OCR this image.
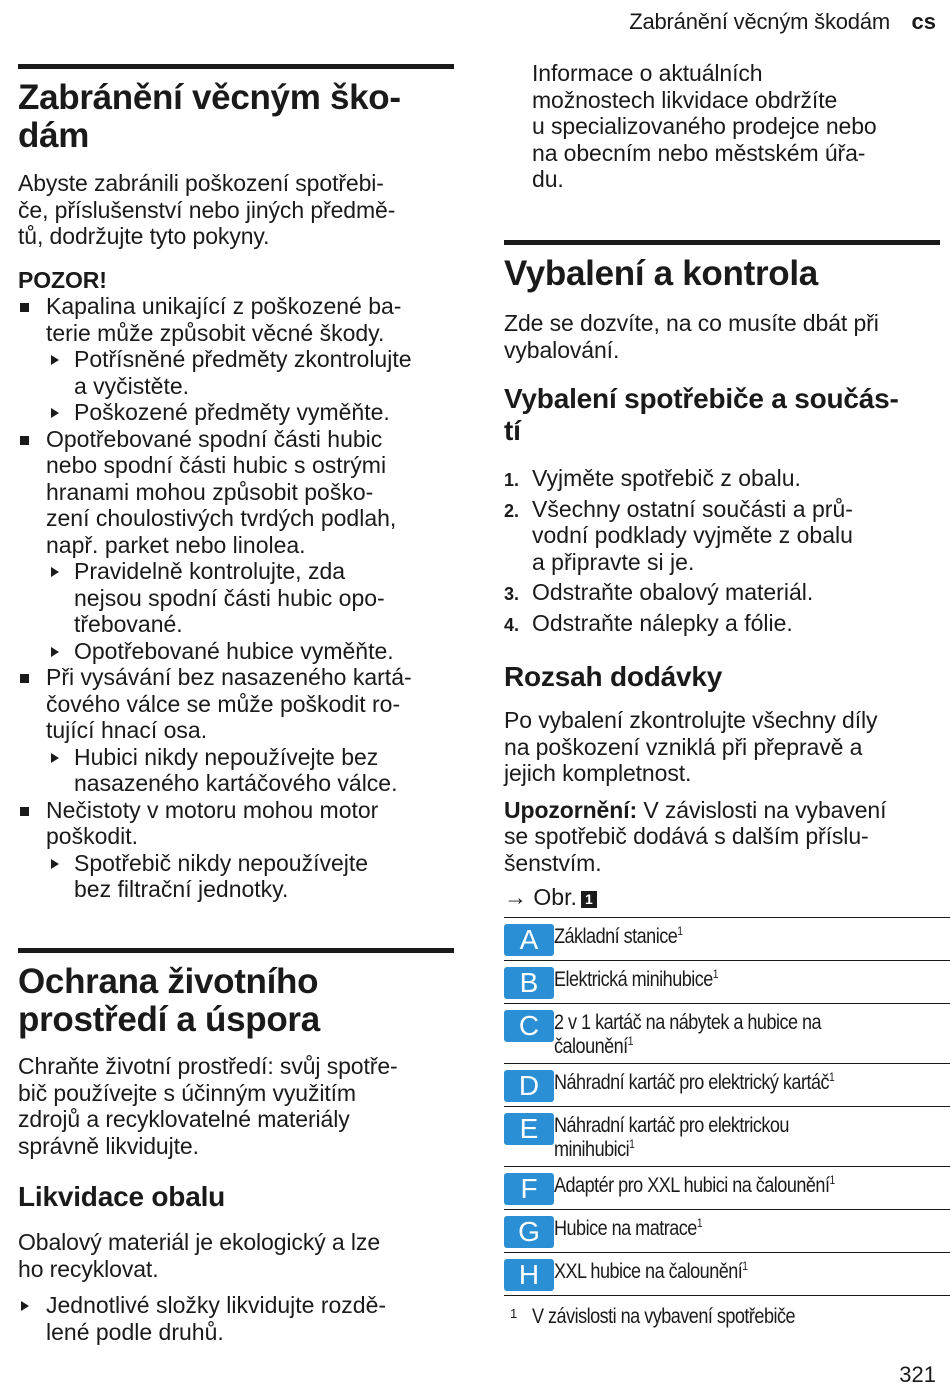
Zabránění věcným škodám cs
Zabránění věcným ško-
dám

Abyste zabránili poškození spotřebi-
če, příslušenství nebo jiných předmě-
tů, dodržujte tyto pokyny.

POZOR!
Kapalina unikající z poškozené ba-
terie může způsobit věcné škody.
Potřísněné předměty zkontrolujte
a vyčistěte.
Poškozené předměty vyměňte.
Opotřebované spodní části hubic
nebo spodní části hubic s ostrými
hranami mohou způsobit poško-
zení choulostivých tvrdých podlah,
např. parket nebo linolea.
Pravidelně kontrolujte, zda
nejsou spodní části hubic opo-
třebované.
Opotřebované hubice vyměňte.
Při vysávání bez nasazeného kartá-
čového válce se může poškodit ro-
tující hnací osa.
Hubici nikdy nepoužívejte bez
nasazeného kartáčového válce.
Nečistoty v motoru mohou motor
poškodit.
Spotřebič nikdy nepoužívejte
bez filtrační jednotky.
Ochrana životního
prostředí a úspora

Chraňte životní prostředí: svůj spotře-
bič používejte s účinným využitím
zdrojů a recyklovatelné materiály
správně likvidujte.

Likvidace obalu

Obalový materiál je ekologický a lze
ho recyklovat.

Jednotlivé složky likvidujte rozdě-
lené podle druhů.

Informace o aktuálních
možnostech likvidace obdržíte
u specializovaného prodejce nebo
na obecním nebo městském úřa-
du.

Vybalení a kontrola

Zde se dozvíte, na co musíte dbát při
vybalování.

Vybalení spotřebiče a součás-
tí
1. Vyjměte spotřebič z obalu.
2. Všechny ostatní součásti a prů-
vodní podklady vyjměte z obalu
a připravte si je.
3. Odstraňte obalový materiál.
4. Odstraňte nálepky a fólie.
Rozsah dodávky

Po vybalení zkontrolujte všechny díly
na poškození vzniklá při přepravě a
jejich kompletnost.

Upozornění: V závislosti na vybavení
se spotřebič dodává s dalším příslu-
šenstvím.

→ Obr. 1
A	Základní stanice$^1$

B	Elektrická minihubice$^1$

C	2 v 1 kartáč na nábytek a hubice na
čalounění$^1$

D	Náhradní kartáč pro elektrický kartáč$^1$

E	Náhradní kartáč pro elektrickou
minihubici$^1$

F	Adaptér pro XXL hubici na čalounění$^1$

G	Hubice na matrace$^1$

H	XXL hubice na čalounění$^1$
1 V závislosti na vybavení spotřebiče
321
